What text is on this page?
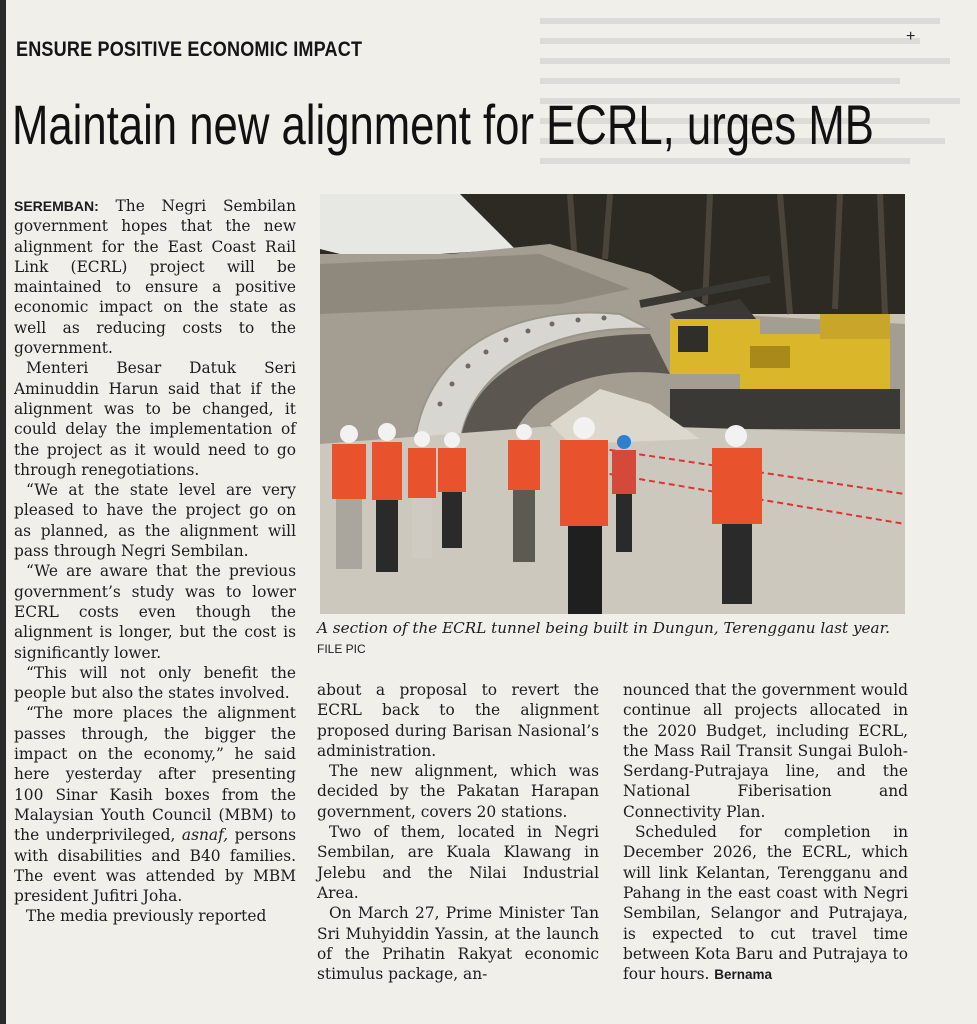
+
ENSURE POSITIVE ECONOMIC IMPACT
Maintain new alignment for ECRL, urges MB

SEREMBAN: The Negri Sembilan government hopes that the new alignment for the East Coast Rail Link (ECRL) project will be maintained to ensure a positive economic impact on the state as well as reducing costs to the government.

Menteri Besar Datuk Seri Aminuddin Harun said that if the alignment was to be changed, it could delay the implementation of the project as it would need to go through renegotiations.

“We at the state level are very pleased to have the project go on as planned, as the alignment will pass through Negri Sembilan.

“We are aware that the previous government’s study was to lower ECRL costs even though the alignment is longer, but the cost is significantly lower.

“This will not only benefit the people but also the states involved.

“The more places the alignment passes through, the bigger the impact on the economy,” he said here yesterday after presenting 100 Sinar Kasih boxes from the Malaysian Youth Council (MBM) to the underprivileged, asnaf, persons with disabilities and B40 families. The event was attended by MBM president Jufitri Joha.

The media previously reported

A section of the ECRL tunnel being built in Dungun, Terengganu last year. FILE PIC

about a proposal to revert the ECRL back to the alignment proposed during Barisan Nasional’s administration.

The new alignment, which was decided by the Pakatan Harapan government, covers 20 stations.

Two of them, located in Negri Sembilan, are Kuala Klawang in Jelebu and the Nilai Industrial Area.

On March 27, Prime Minister Tan Sri Muhyiddin Yassin, at the launch of the Prihatin Rakyat economic stimulus package, an-

nounced that the government would continue all projects allocated in the 2020 Budget, including ECRL, the Mass Rail Transit Sungai Buloh-Serdang-Putrajaya line, and the National Fiberisation and Connectivity Plan.

Scheduled for completion in December 2026, the ECRL, which will link Kelantan, Terengganu and Pahang in the east coast with Negri Sembilan, Selangor and Putrajaya, is expected to cut travel time between Kota Baru and Putrajaya to four hours. Bernama
